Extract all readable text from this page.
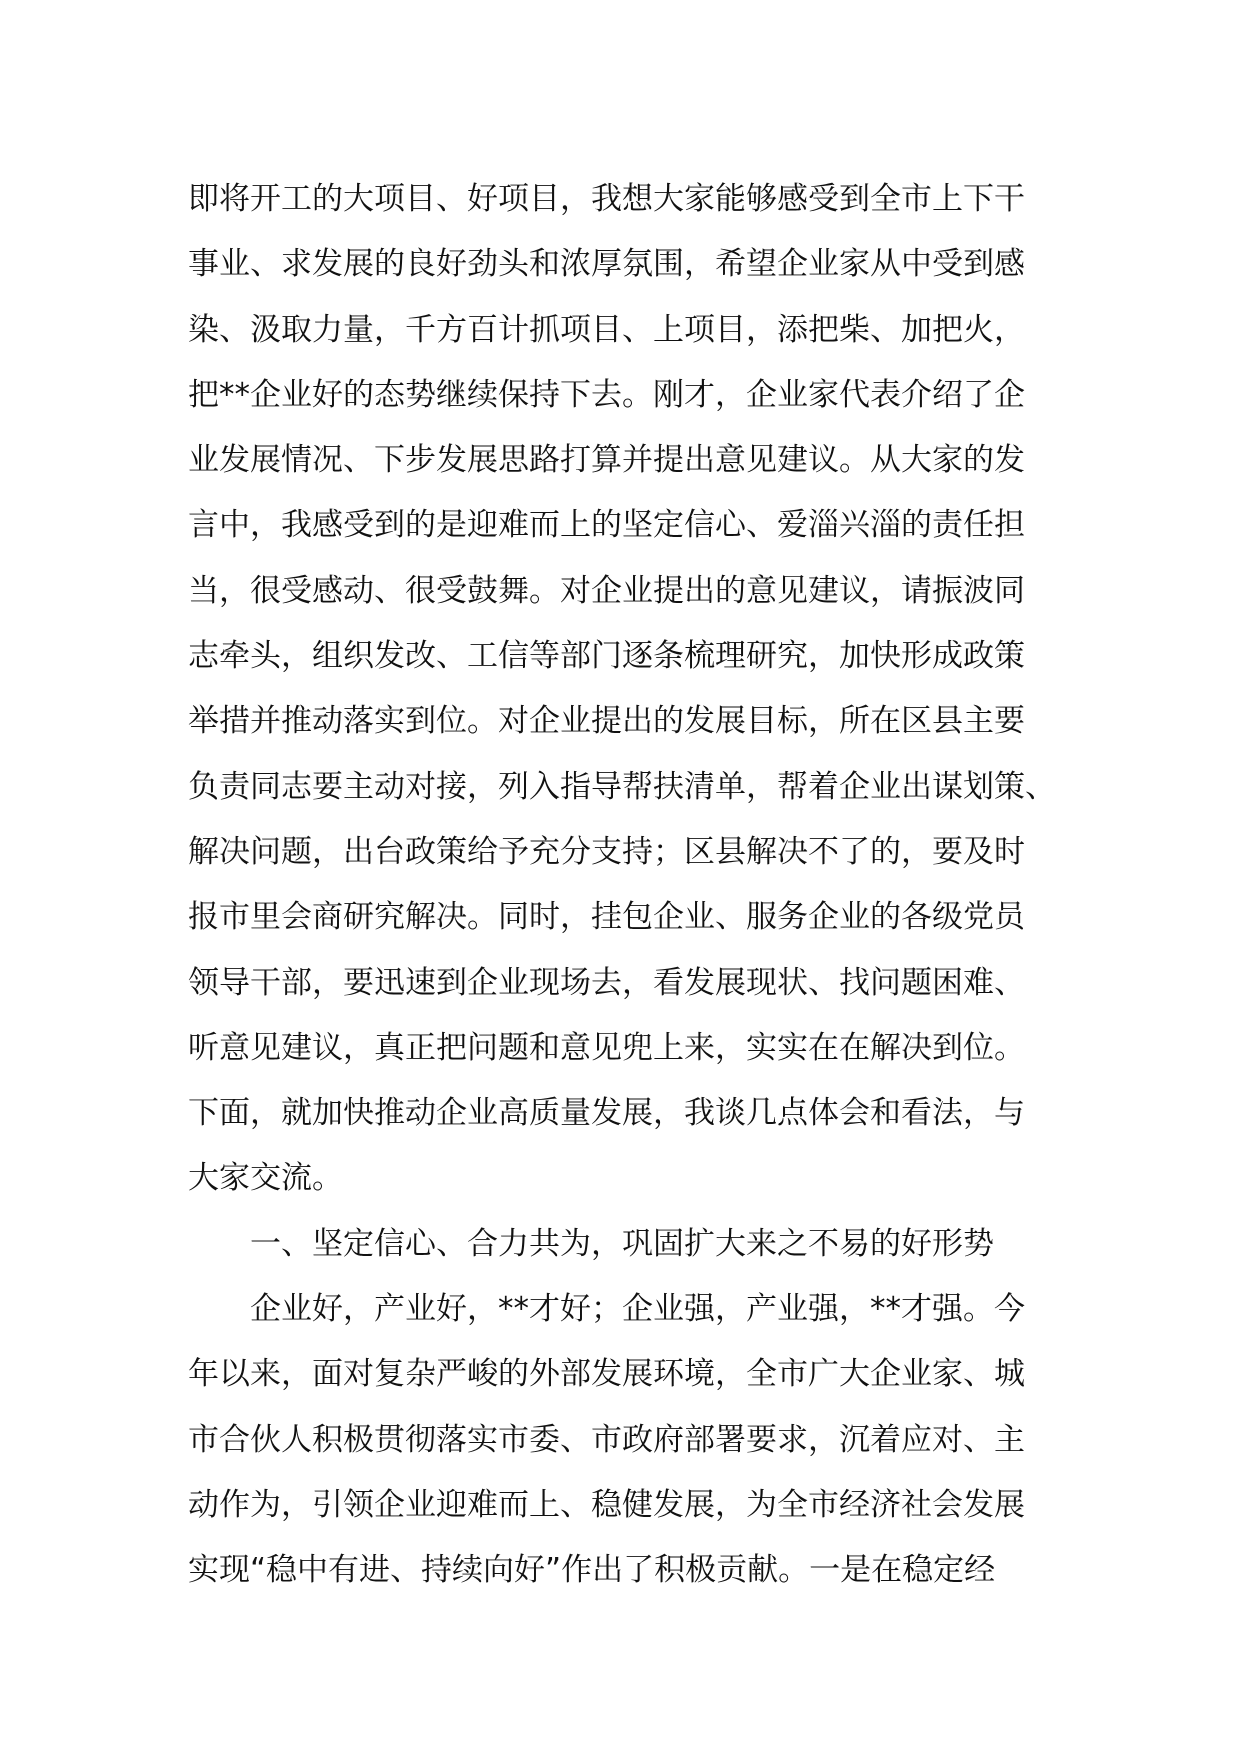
即将开工的大项目、好项目，我想大家能够感受到全市上下干
事业、求发展的良好劲头和浓厚氛围，希望企业家从中受到感
染、汲取力量，千方百计抓项目、上项目，添把柴、加把火，
把**企业好的态势继续保持下去。刚才，企业家代表介绍了企
业发展情况、下步发展思路打算并提出意见建议。从大家的发
言中，我感受到的是迎难而上的坚定信心、爱淄兴淄的责任担
当，很受感动、很受鼓舞。对企业提出的意见建议，请振波同
志牵头，组织发改、工信等部门逐条梳理研究，加快形成政策
举措并推动落实到位。对企业提出的发展目标，所在区县主要
负责同志要主动对接，列入指导帮扶清单，帮着企业出谋划策、
解决问题，出台政策给予充分支持；区县解决不了的，要及时
报市里会商研究解决。同时，挂包企业、服务企业的各级党员
领导干部，要迅速到企业现场去，看发展现状、找问题困难、
听意见建议，真正把问题和意见兜上来，实实在在解决到位。
下面，就加快推动企业高质量发展，我谈几点体会和看法，与
大家交流。
一、坚定信心、合力共为，巩固扩大来之不易的好形势
企业好，产业好，**才好；企业强，产业强，**才强。今
年以来，面对复杂严峻的外部发展环境，全市广大企业家、城
市合伙人积极贯彻落实市委、市政府部署要求，沉着应对、主
动作为，引领企业迎难而上、稳健发展，为全市经济社会发展
实现“稳中有进、持续向好”作出了积极贡献。一是在稳定经
